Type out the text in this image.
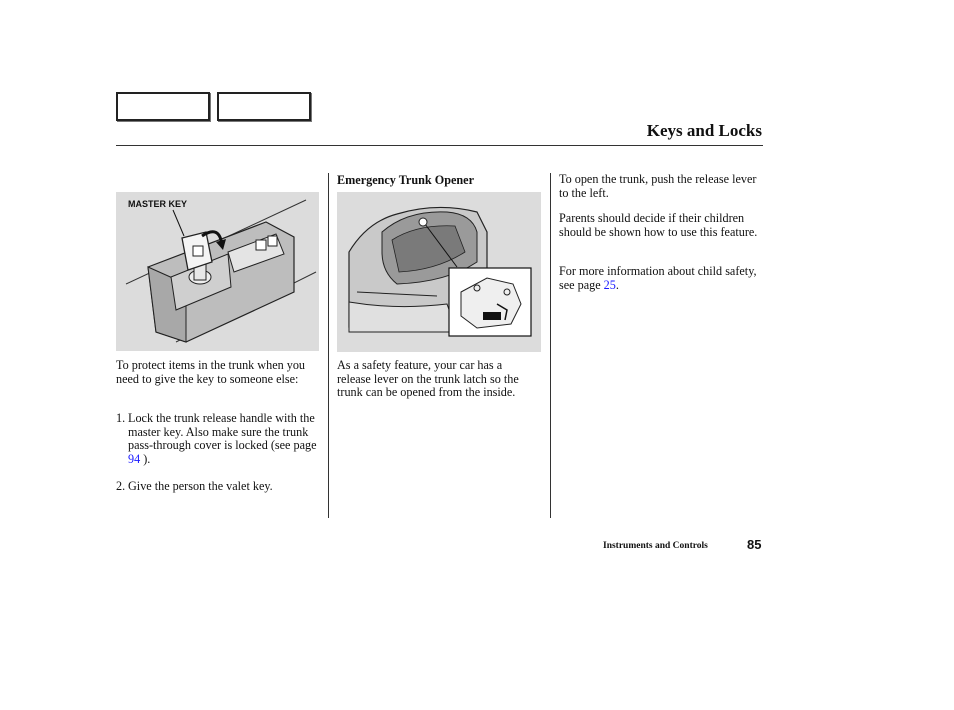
Keys and Locks
MASTER KEY
To protect items in the trunk when you need to give the key to someone else:
1. Lock the trunk release handle with the master key. Also make sure the trunk pass-through cover is locked (see page 94 ).
2. Give the person the valet key.
Emergency Trunk Opener
As a safety feature, your car has a release lever on the trunk latch so the trunk can be opened from the inside.
To open the trunk, push the release lever to the left.
Parents should decide if their children should be shown how to use this feature.
For more information about child safety, see page 25.
Instruments and Controls	85
